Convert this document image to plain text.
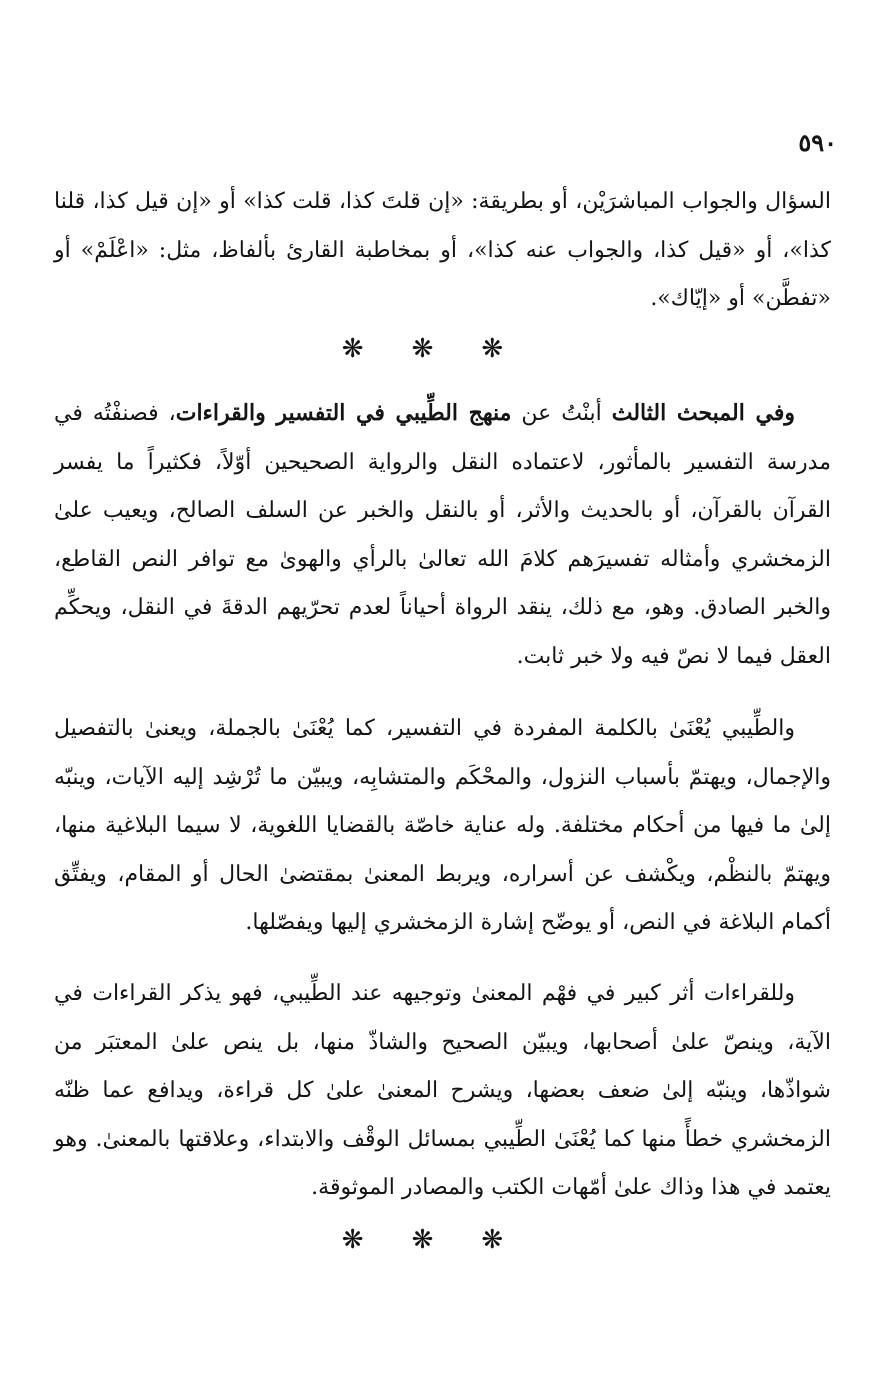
٥٩٠

السؤال والجواب المباشرَيْن، أو بطريقة: «إن قلتَ كذا، قلت كذا» أو «إن قيل كذا، قلنا كذا»، أو «قيل كذا، والجواب عنه كذا»، أو بمخاطبة القارئ بألفاظ، مثل: «اعْلَمْ» أو «تفطَّن» أو «إيّاك».

❋ ❋ ❋

وفي المبحث الثالث أبنْتُ عن منهج الطِّيبي في التفسير والقراءات، فصنفْتُه في مدرسة التفسير بالمأثور، لاعتماده النقل والرواية الصحيحين أوّلاً، فكثيراً ما يفسر القرآن بالقرآن، أو بالحديث والأثر، أو بالنقل والخبر عن السلف الصالح، ويعيب علىٰ الزمخشري وأمثاله تفسيرَهم كلامَ الله تعالىٰ بالرأي والهوىٰ مع توافر النص القاطع، والخبر الصادق. وهو، مع ذلك، ينقد الرواة أحياناً لعدم تحرّيهم الدقةَ في النقل، ويحكِّم العقل فيما لا نصّ فيه ولا خبر ثابت.

والطِّيبي يُعْنَىٰ بالكلمة المفردة في التفسير، كما يُعْنَىٰ بالجملة، ويعنىٰ بالتفصيل والإجمال، ويهتمّ بأسباب النزول، والمحْكَم والمتشابِه، ويبيّن ما تُرْشِد إليه الآيات، وينبّه إلىٰ ما فيها من أحكام مختلفة. وله عناية خاصّة بالقضايا اللغوية، لا سيما البلاغية منها، ويهتمّ بالنظْم، ويكْشف عن أسراره، ويربط المعنىٰ بمقتضىٰ الحال أو المقام، ويفتِّق أكمام البلاغة في النص، أو يوضّح إشارة الزمخشري إليها ويفصّلها.

وللقراءات أثر كبير في فهْم المعنىٰ وتوجيهه عند الطِّيبي، فهو يذكر القراءات في الآية، وينصّ علىٰ أصحابها، ويبيّن الصحيح والشاذّ منها، بل ينص علىٰ المعتبَر من شواذّها، وينبّه إلىٰ ضعف بعضها، ويشرح المعنىٰ علىٰ كل قراءة، ويدافع عما ظنّه الزمخشري خطأً منها كما يُعْنَىٰ الطِّيبي بمسائل الوقْف والابتداء، وعلاقتها بالمعنىٰ. وهو يعتمد في هذا وذاك علىٰ أمّهات الكتب والمصادر الموثوقة.

❋ ❋ ❋
